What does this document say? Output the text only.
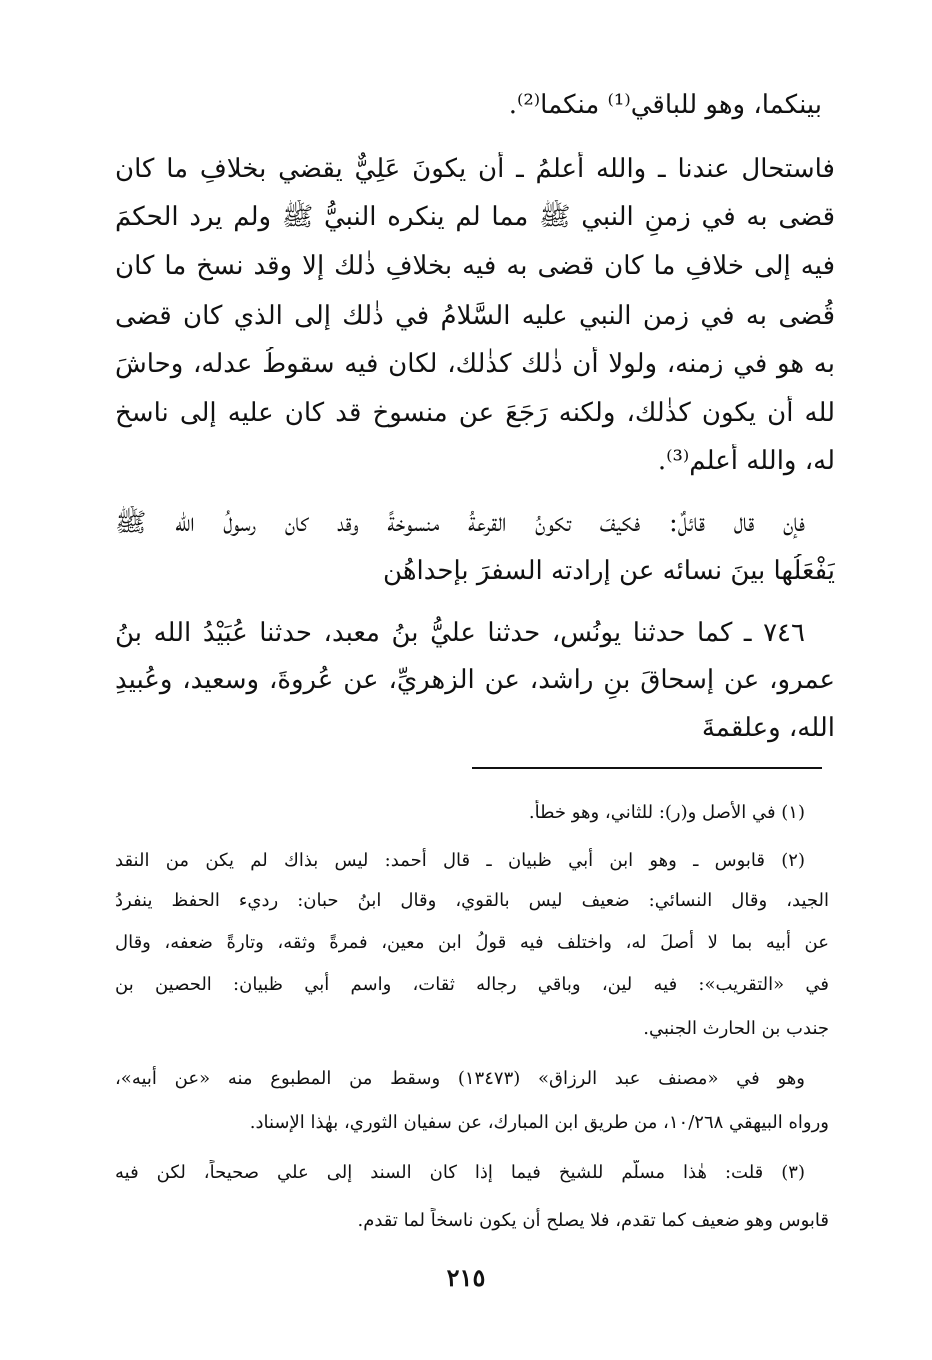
بينكما، وهو للباقي⁽¹⁾ منكما⁽²⁾.
فاستحال عندنا ـ والله أعلمُ ـ أن يكونَ عَلِيٌّ يقضي بخلافِ ما كان
قضى به في زمنِ النبي ﷺ مما لم ينكره النبيُّ ﷺ ولم يرد الحكمَ
فيه إلى خلافِ ما كان قضى به فيه بخلافِ ذٰلك إلا وقد نسخ ما كان
قُضى به في زمن النبي عليه السَّلامُ في ذٰلك إلى الذي كان قضى
به هو في زمنه، ولولا أن ذٰلك كذٰلك، لكان فيه سقوطُ عدله، وحاشَ
لله أن يكون كذٰلك، ولكنه رَجَعَ عن منسوخ قد كان عليه إلى ناسخ
له، والله أعلم⁽³⁾.
فإن قال قائلٌ: فكيفَ تكونُ القرعةُ منسوخةً وقد كان رسولُ الله ﷺ
يَفْعَلُها بينَ نسائه عن إرادته السفرَ بإحداهُن
٧٤٦ ـ كما حدثنا يونُس، حدثنا عليُّ بنُ معبد، حدثنا عُبَيْدُ الله بنُ
عمرو، عن إسحاقَ بنِ راشد، عن الزهريِّ، عن عُروةَ، وسعيد، وعُبيدِ
الله، وعلقمةَ
(١) في الأصل و(ر): للثاني، وهو خطأ.
(٢) قابوس ـ وهو ابن أبي ظبيان ـ قال أحمد: ليس بذاك لم يكن من النقد
الجيد، وقال النسائي: ضعيف ليس بالقوي، وقال ابنُ حبان: رديء الحفظ ينفردُ
عن أبيه بما لا أصلَ له، واختلف فيه قولُ ابن معين، فمرةً وثقه، وتارةً ضعفه، وقال
في «التقريب»: فيه لين، وباقي رجاله ثقات، واسم أبي ظبيان: الحصين بن
جندب بن الحارث الجنبي.
وهو في «مصنف عبد الرزاق» (١٣٤٧٣) وسقط من المطبوع منه «عن أبيه»،
ورواه البيهقي ١٠/٢٦٨، من طريق ابن المبارك، عن سفيان الثوري، بهٰذا الإسناد.
(٣) قلت: هٰذا مسلَّم للشيخ فيما إذا كان السند إلى علي صحيحاً، لكن فيه
قابوس وهو ضعيف كما تقدم، فلا يصلح أن يكون ناسخاً لما تقدم.
٢١٥
